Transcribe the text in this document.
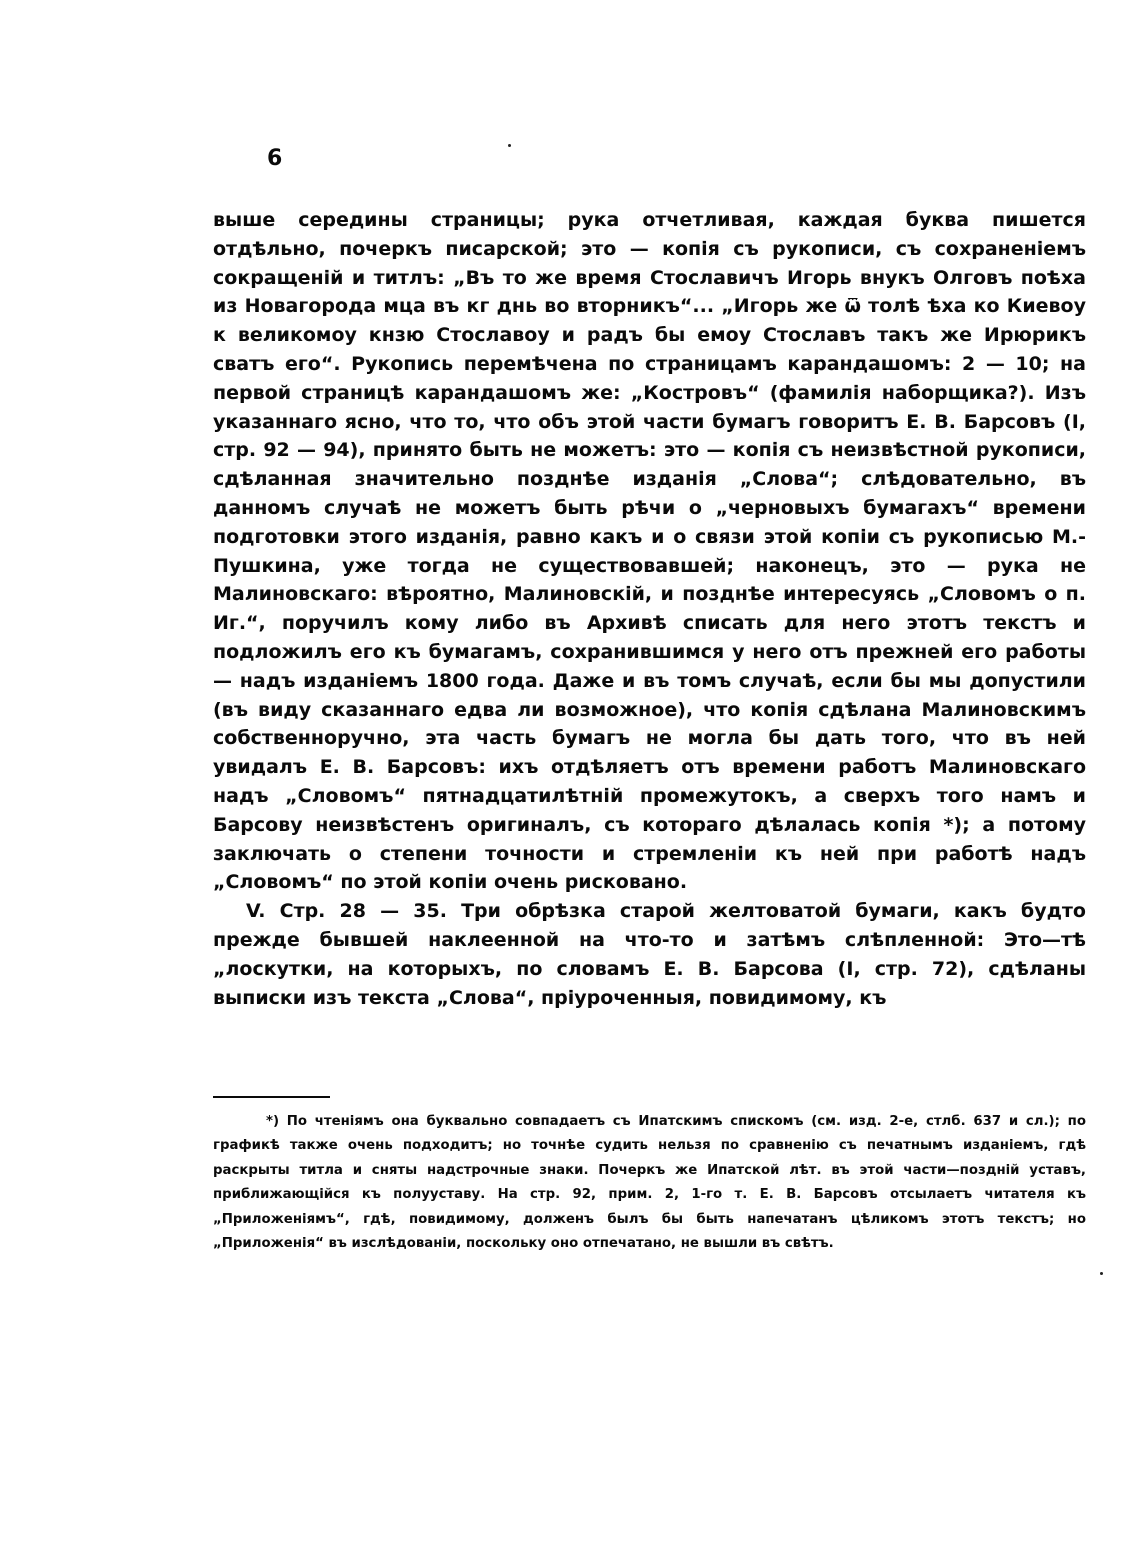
6

выше середины страницы; рука отчетливая, каждая буква пишется отдѣльно, почеркъ писарской; это — копія съ рукописи, съ сохраненіемъ сокращеній и титлъ: „Въ то же время Стославичъ Игорь внукъ Олговъ поѣха из Новагорода мца въ кг днь во вторникъ“... „Игорь же ѿ толѣ ѣха ко Киевоу к великомоу кнзю Стославоу и радъ бы емоу Стославъ такъ же Ирюрикъ сватъ его“. Рукопись перемѣчена по страницамъ карандашомъ: 2 — 10; на первой страницѣ карандашомъ же: „Костровъ“ (фамилія наборщика?). Изъ указаннаго ясно, что то, что объ этой части бумагъ говоритъ Е. В. Барсовъ (I, стр. 92 — 94), принято быть не можетъ: это — копія съ неизвѣстной рукописи, сдѣланная значительно позднѣе изданія „Слова“; слѣдовательно, въ данномъ случаѣ не можетъ быть рѣчи о „черновыхъ бумагахъ“ времени подготовки этого изданія, равно какъ и о связи этой копіи съ рукописью М.-Пушкина, уже тогда не существовавшей; наконецъ, это — рука не Малиновскаго: вѣроятно, Малиновскій, и позднѣе интересуясь „Словомъ о п. Иг.“, поручилъ кому либо въ Архивѣ списать для него этотъ текстъ и подложилъ его къ бумагамъ, сохранившимся у него отъ прежней его работы — надъ изданіемъ 1800 года. Даже и въ томъ случаѣ, если бы мы допустили (въ виду сказаннаго едва ли возможное), что копія сдѣлана Малиновскимъ собственноручно, эта часть бумагъ не могла бы дать того, что въ ней увидалъ Е. В. Барсовъ: ихъ отдѣляетъ отъ времени работъ Малиновскаго надъ „Словомъ“ пятнадцатилѣтній промежутокъ, а сверхъ того намъ и Барсову неизвѣстенъ оригиналъ, съ котораго дѣлалась копія *); а потому заключать о степени точности и стремленіи къ ней при работѣ надъ „Словомъ“ по этой копіи очень рисковано.

V. Стр. 28 — 35. Три обрѣзка старой желтоватой бумаги, какъ будто прежде бывшей наклеенной на что-то и затѣмъ слѣпленной: Это—тѣ „лоскутки, на которыхъ, по словамъ Е. В. Барсова (I, стр. 72), сдѣланы выписки изъ текста „Слова“, пріуроченныя, повидимому, къ

*) По чтеніямъ она буквально совпадаетъ съ Ипатскимъ спискомъ (см. изд. 2-е, стлб. 637 и сл.); по графикѣ также очень подходитъ; но точнѣе судить нельзя по сравненію съ печатнымъ изданіемъ, гдѣ раскрыты титла и сняты надстрочные знаки. Почеркъ же Ипатской лѣт. въ этой части—поздній уставъ, приближающійся къ полууставу. На стр. 92, прим. 2, 1-го т. Е. В. Барсовъ отсылаетъ читателя къ „Приложеніямъ“, гдѣ, повидимому, долженъ былъ бы быть напечатанъ цѣликомъ этотъ текстъ; но „Приложенія“ въ изслѣдованіи, поскольку оно отпечатано, не вышли въ свѣтъ.
